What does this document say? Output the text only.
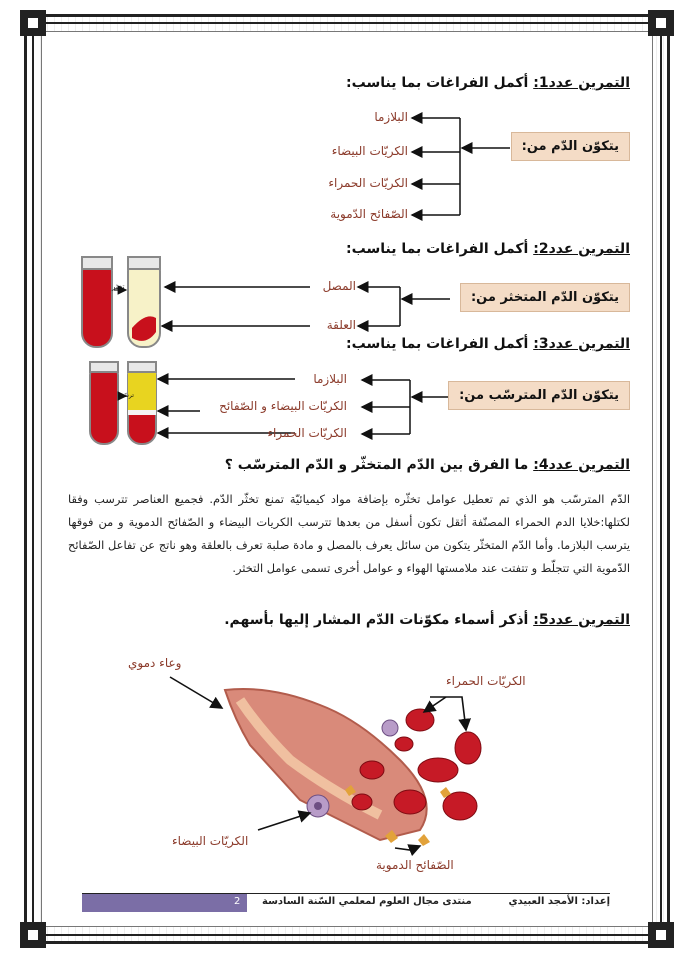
التمرين عدد1: أكمل الفراغات بما يناسب:
يتكوّن الدّم من:
البلازما
الكريّات البيضاء
الكريّات الحمراء
الصّفائح الدّموية
التمرين عدد2: أكمل الفراغات بما يناسب:
يتكوّن الدّم المتخثر من:
المصل
العلقة
تخثر
التمرين عدد3: أكمل الفراغات بما يناسب:
يتكوّن الدّم المترسّب من:
البلازما
الكريّات البيضاء و الصّفائح
الكريّات الحمراء
ترسّب
التمرين عدد4: ما الفرق بين الدّم المتخثّر و الدّم المترسّب ؟
الدّم المترسّب هو الذي تم تعطيل عوامل تخثّره بإضافة مواد كيميائيّة تمنع تخثّر الدّم. فجميع العناصر تترسب وفقا لكتلها:خلايا الدم الحمراء المصنّفة أثقل تكون أسفل من بعدها تترسب الكريات البيضاء و الصّفائح الدموية و من فوقها يترسب البلازما. وأما الدّم المتخثّر يتكون من سائل يعرف بالمصل و مادة صلبة تعرف بالعلقة وهو ناتج عن تفاعل الصّفائح الدّموية التي تتجلّط و تتفتت عند ملامستها الهواء و عوامل أخرى تسمى عوامل التخثر.
التمرين عدد5: أذكر أسماء مكوّنات الدّم المشار إليها بأسهم.
وعاء دموي
الكريّات الحمراء
الكريّات البيضاء
الصّفائح الدموية
2 منتدى مجال العلوم لمعلمي السّنة السادسة	إعداد: الأمجد العبيدي
